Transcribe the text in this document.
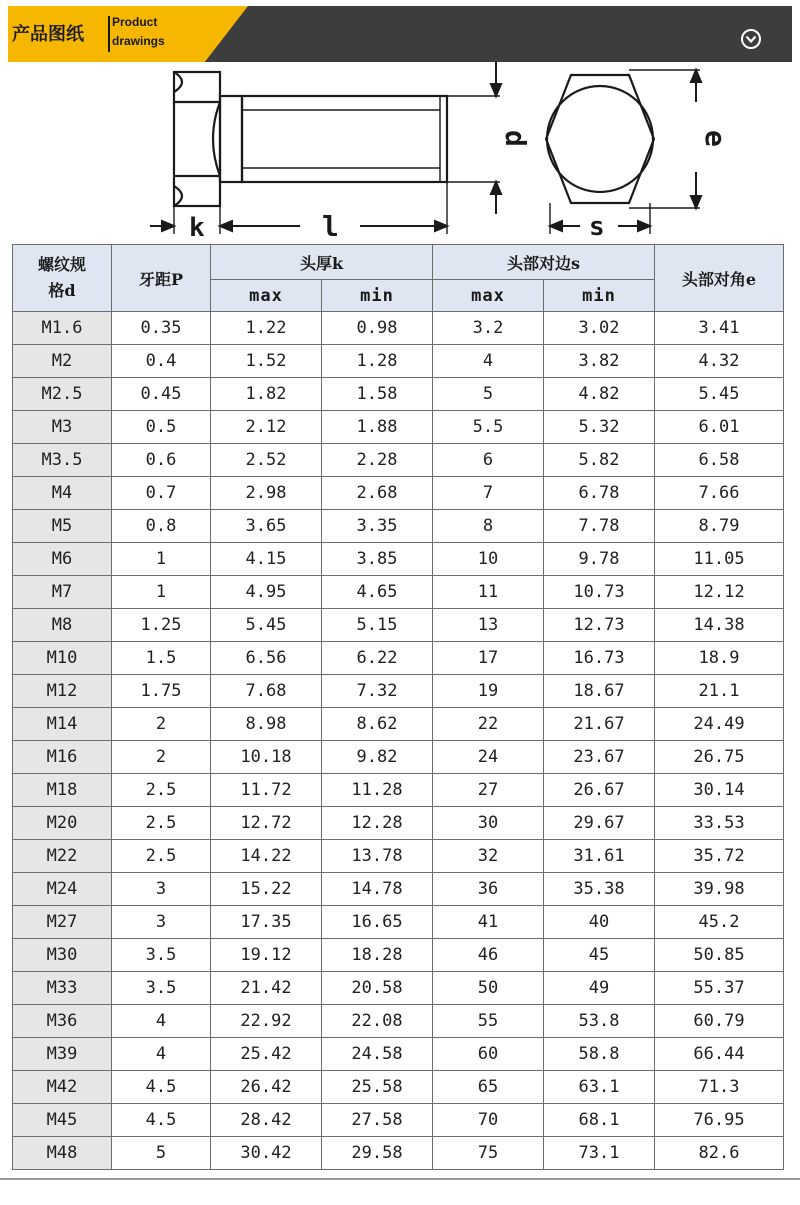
产品图纸
Product
drawings
k	l
d
s
e
螺纹规
格d	牙距P	头厚k		头部对边s		头部对角e
		max	min	max	min	
M1.6	0.35	1.22	0.98	3.2	3.02	3.41
M2	0.4	1.52	1.28	4	3.82	4.32
M2.5	0.45	1.82	1.58	5	4.82	5.45
M3	0.5	2.12	1.88	5.5	5.32	6.01
M3.5	0.6	2.52	2.28	6	5.82	6.58
M4	0.7	2.98	2.68	7	6.78	7.66
M5	0.8	3.65	3.35	8	7.78	8.79
M6	1	4.15	3.85	10	9.78	11.05
M7	1	4.95	4.65	11	10.73	12.12
M8	1.25	5.45	5.15	13	12.73	14.38
M10	1.5	6.56	6.22	17	16.73	18.9
M12	1.75	7.68	7.32	19	18.67	21.1
M14	2	8.98	8.62	22	21.67	24.49
M16	2	10.18	9.82	24	23.67	26.75
M18	2.5	11.72	11.28	27	26.67	30.14
M20	2.5	12.72	12.28	30	29.67	33.53
M22	2.5	14.22	13.78	32	31.61	35.72
M24	3	15.22	14.78	36	35.38	39.98
M27	3	17.35	16.65	41	40	45.2
M30	3.5	19.12	18.28	46	45	50.85
M33	3.5	21.42	20.58	50	49	55.37
M36	4	22.92	22.08	55	53.8	60.79
M39	4	25.42	24.58	60	58.8	66.44
M42	4.5	26.42	25.58	65	63.1	71.3
M45	4.5	28.42	27.58	70	68.1	76.95
M48	5	30.42	29.58	75	73.1	82.6
